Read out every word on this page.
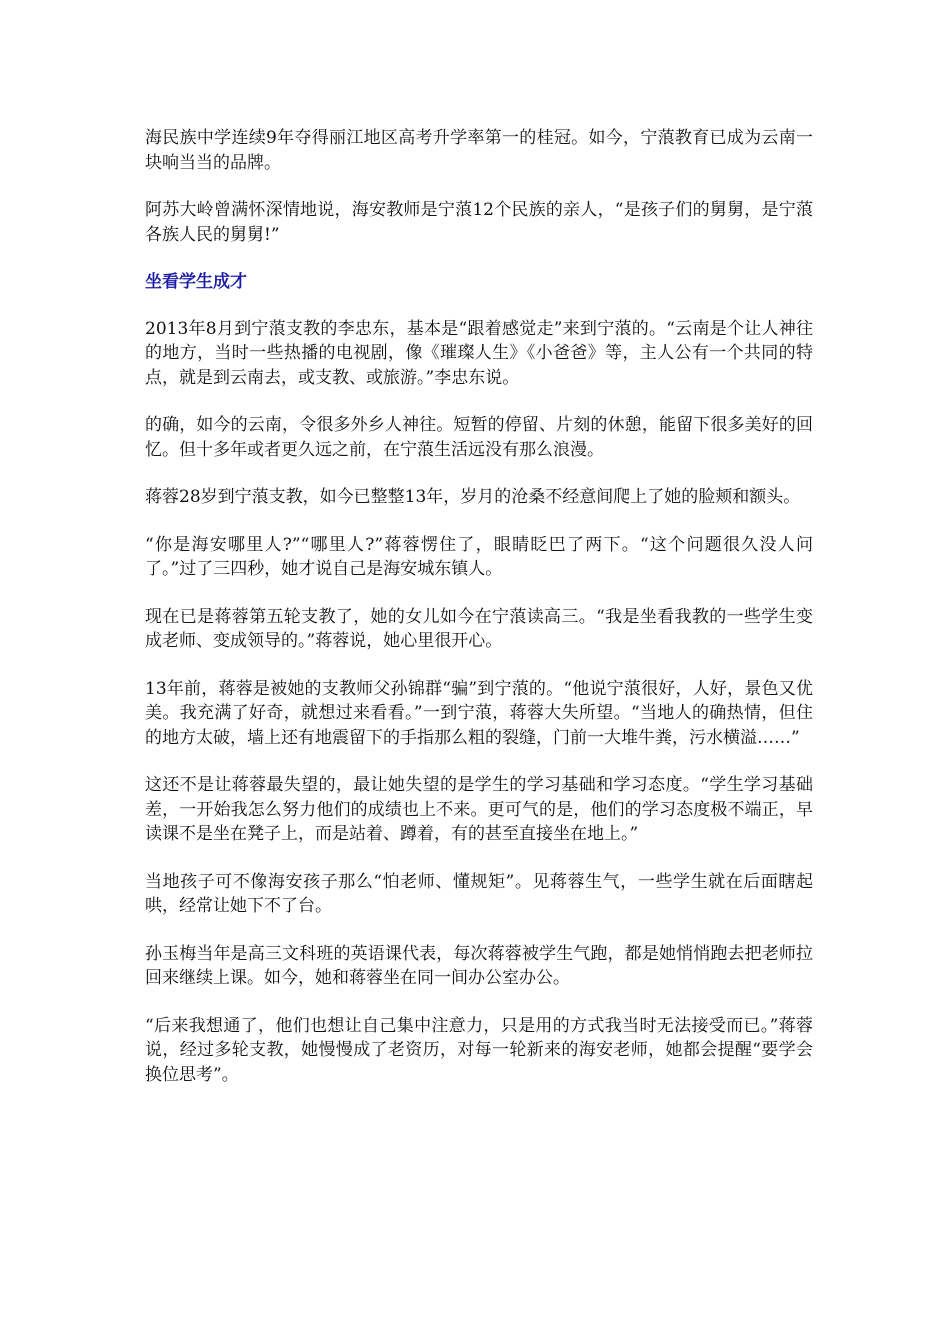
海民族中学连续9年夺得丽江地区高考升学率第一的桂冠。如今，宁蒗教育已成为云南一块响当当的品牌。

阿苏大岭曾满怀深情地说，海安教师是宁蒗12个民族的亲人，“是孩子们的舅舅，是宁蒗各族人民的舅舅!”

坐看学生成才

2013年8月到宁蒗支教的李忠东，基本是“跟着感觉走”来到宁蒗的。“云南是个让人神往的地方，当时一些热播的电视剧，像《璀璨人生》《小爸爸》等，主人公有一个共同的特点，就是到云南去，或支教、或旅游。”李忠东说。

的确，如今的云南，令很多外乡人神往。短暂的停留、片刻的休憩，能留下很多美好的回忆。但十多年或者更久远之前，在宁蒗生活远没有那么浪漫。

蒋蓉28岁到宁蒗支教，如今已整整13年，岁月的沧桑不经意间爬上了她的脸颊和额头。

“你是海安哪里人?”“哪里人?”蒋蓉愣住了，眼睛眨巴了两下。“这个问题很久没人问了。”过了三四秒，她才说自己是海安城东镇人。

现在已是蒋蓉第五轮支教了，她的女儿如今在宁蒗读高三。“我是坐看我教的一些学生变成老师、变成领导的。”蒋蓉说，她心里很开心。

13年前，蒋蓉是被她的支教师父孙锦群“骗”到宁蒗的。“他说宁蒗很好，人好，景色又优美。我充满了好奇，就想过来看看。”一到宁蒗，蒋蓉大失所望。“当地人的确热情，但住的地方太破，墙上还有地震留下的手指那么粗的裂缝，门前一大堆牛粪，污水横溢……”

这还不是让蒋蓉最失望的，最让她失望的是学生的学习基础和学习态度。“学生学习基础差，一开始我怎么努力他们的成绩也上不来。更可气的是，他们的学习态度极不端正，早读课不是坐在凳子上，而是站着、蹲着，有的甚至直接坐在地上。”

当地孩子可不像海安孩子那么“怕老师、懂规矩”。见蒋蓉生气，一些学生就在后面瞎起哄，经常让她下不了台。

孙玉梅当年是高三文科班的英语课代表，每次蒋蓉被学生气跑，都是她悄悄跑去把老师拉回来继续上课。如今，她和蒋蓉坐在同一间办公室办公。

“后来我想通了，他们也想让自己集中注意力，只是用的方式我当时无法接受而已。”蒋蓉说，经过多轮支教，她慢慢成了老资历，对每一轮新来的海安老师，她都会提醒“要学会换位思考”。
